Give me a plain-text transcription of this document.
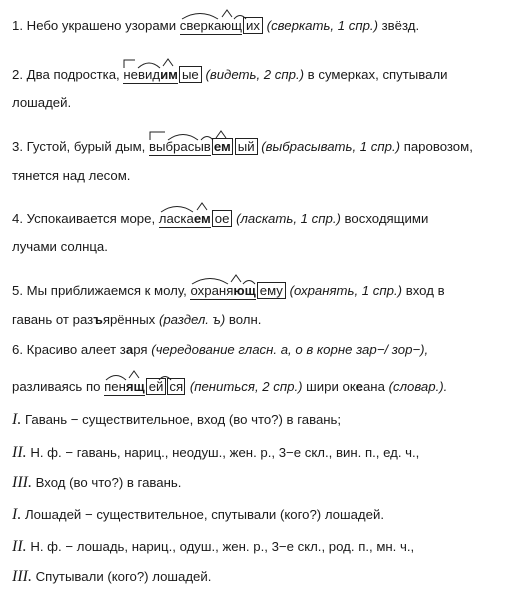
1. Небо украшено узорами
сверкающ их (сверкать, 1 спр.) звёзд.
2. Два подростка,
невидим ые (видеть, 2 спр.) в сумерках, спутывали
лошадей.
3. Густой, бурый дым,
выбрасыв ем ый (выбрасывать, 1 спр.) паровозом,
тянется над лесом.
4. Успокаивается море,
ласкаем ое (ласкать, 1 спр.) восходящими
лучами солнца.
5. Мы приближаемся к молу,
охраняющ ему (охранять, 1 спр.) вход в
гавань от разъярённых (раздел. ъ) волн.
6. Красиво алеет заря (чередование гласн. а, о в корне зар−/ зор−),
разливаясь по
пенящ ей ся (пениться, 2 спр.) шири океана (словар.).
I. Гавань − существительное, вход (во что?) в гавань;
II. Н. ф. − гавань, нариц., неодуш., жен. р., 3−е скл., вин. п., ед. ч.,
III. Вход (во что?) в гавань.
I. Лошадей − существительное, спутывали (кого?) лошадей.
II. Н. ф. − лошадь, нариц., одуш., жен. р., 3−е скл., род. п., мн. ч.,
III. Спутывали (кого?) лошадей.
